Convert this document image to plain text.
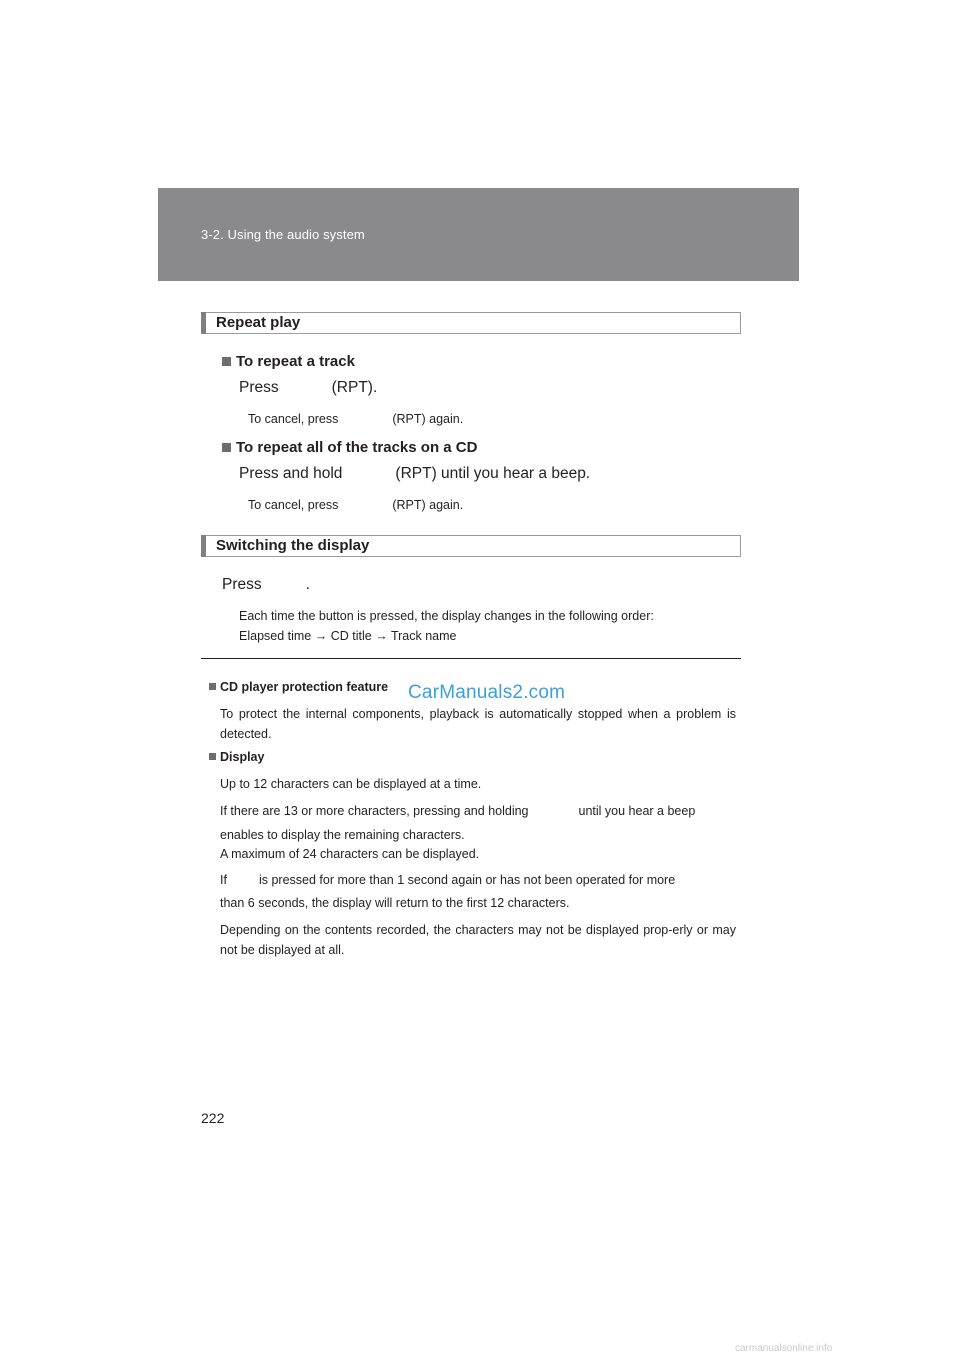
3-2. Using the audio system
Repeat play
To repeat a track
Press	(RPT).
To cancel, press	(RPT) again.
To repeat all of the tracks on a CD
Press and hold	(RPT) until you hear a beep.
To cancel, press	(RPT) again.
Switching the display
Press	.
Each time the button is pressed, the display changes in the following order:
Elapsed time → CD title → Track name
CD player protection feature
To protect the internal components, playback is automatically stopped when a problem is detected.
CarManuals2.com
Display
Up to 12 characters can be displayed at a time.
If there are 13 or more characters, pressing and holding	until you hear a beep
enables to display the remaining characters.
A maximum of 24 characters can be displayed.
If	is pressed for more than 1 second again or has not been operated for more
than 6 seconds, the display will return to the first 12 characters.
Depending on the contents recorded, the characters may not be displayed prop-erly or may not be displayed at all.
222
carmanualsonline.info
